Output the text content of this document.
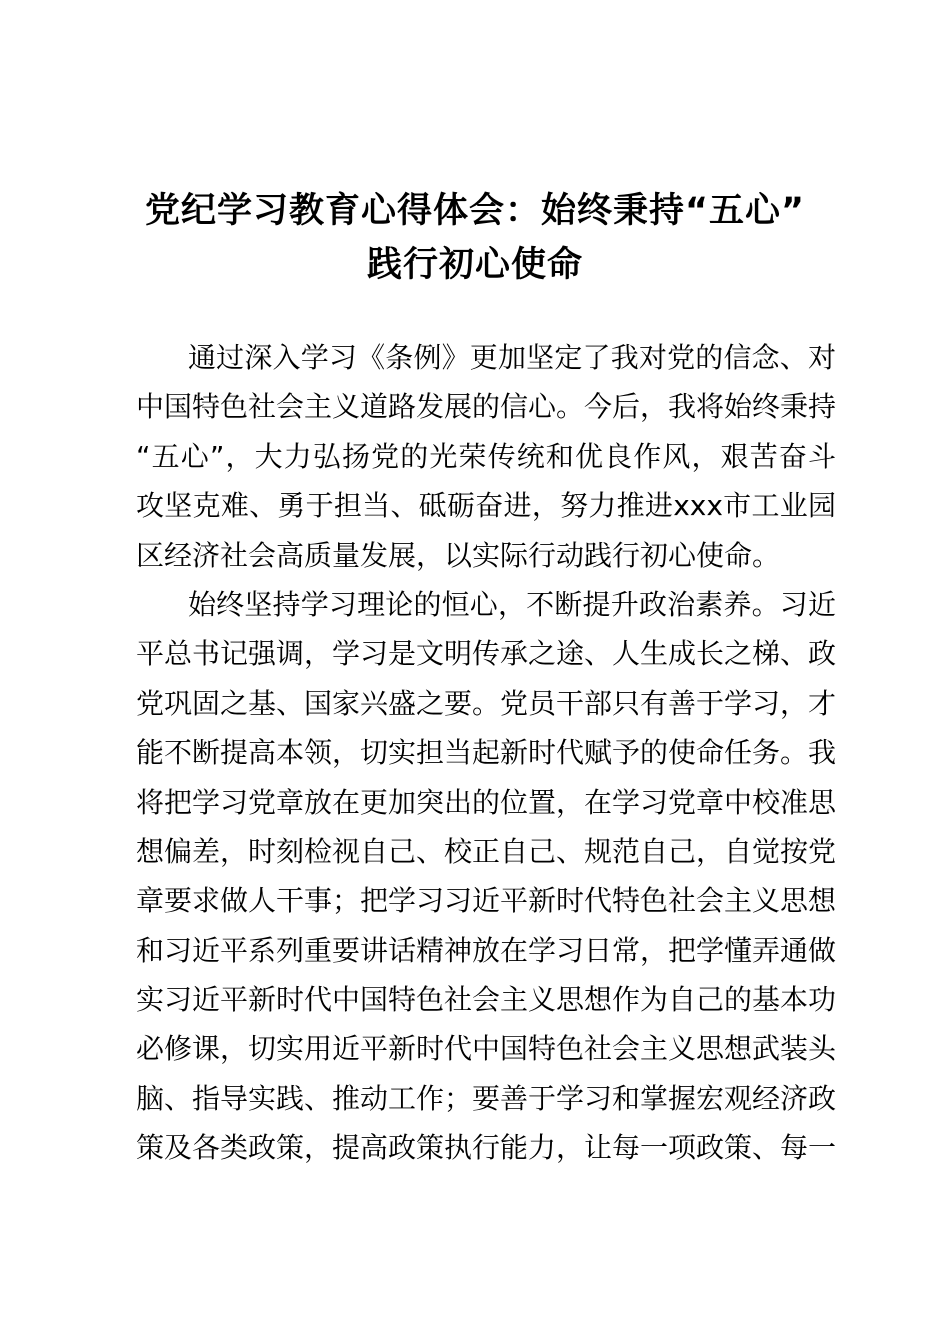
党纪学习教育心得体会：始终秉持“五心”
践行初心使命
通过深入学习《条例》更加坚定了我对党的信念、对
中国特色社会主义道路发展的信心。今后，我将始终秉持
“五心”，大力弘扬党的光荣传统和优良作风，艰苦奋斗
攻坚克难、勇于担当、砥砺奋进，努力推进xxx市工业园
区经济社会高质量发展，以实际行动践行初心使命。
始终坚持学习理论的恒心，不断提升政治素养。习近
平总书记强调，学习是文明传承之途、人生成长之梯、政
党巩固之基、国家兴盛之要。党员干部只有善于学习，才
能不断提高本领，切实担当起新时代赋予的使命任务。我
将把学习党章放在更加突出的位置，在学习党章中校准思
想偏差，时刻检视自己、校正自己、规范自己，自觉按党
章要求做人干事；把学习习近平新时代特色社会主义思想
和习近平系列重要讲话精神放在学习日常，把学懂弄通做
实习近平新时代中国特色社会主义思想作为自己的基本功
必修课，切实用近平新时代中国特色社会主义思想武装头
脑、指导实践、推动工作；要善于学习和掌握宏观经济政
策及各类政策，提高政策执行能力，让每一项政策、每一
